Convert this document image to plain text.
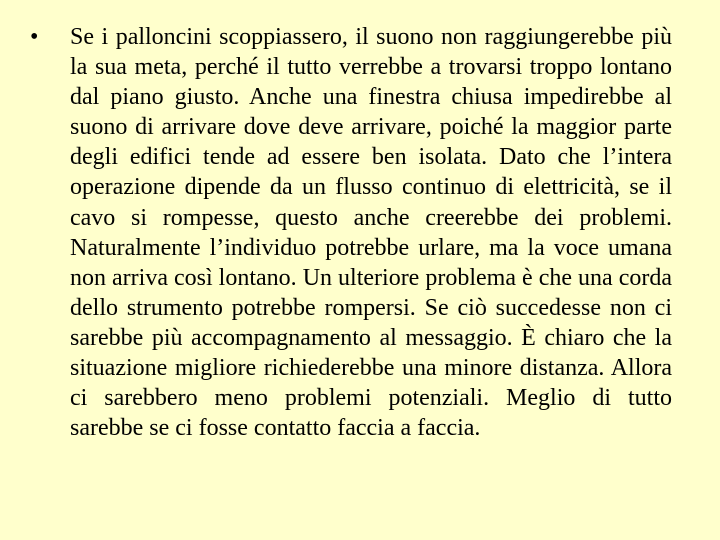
•	Se i palloncini scoppiassero, il suono non raggiungerebbe più la sua meta, perché il tutto verrebbe a trovarsi troppo lontano dal piano giusto. Anche una finestra chiusa impedirebbe al suono di arrivare dove deve arrivare, poiché la maggior parte degli edifici tende ad essere ben isolata. Dato che l’intera operazione dipende da un flusso continuo di elettricità, se il cavo si rompesse, questo anche creerebbe dei problemi. Naturalmente l’individuo potrebbe urlare, ma la voce umana non arriva così lontano. Un ulteriore problema è che una corda dello strumento potrebbe rompersi. Se ciò succedesse non ci sarebbe più accompagnamento al messaggio. È chiaro che la situazione migliore richiederebbe una minore distanza. Allora ci sarebbero meno problemi potenziali. Meglio di tutto sarebbe se ci fosse contatto faccia a faccia.
